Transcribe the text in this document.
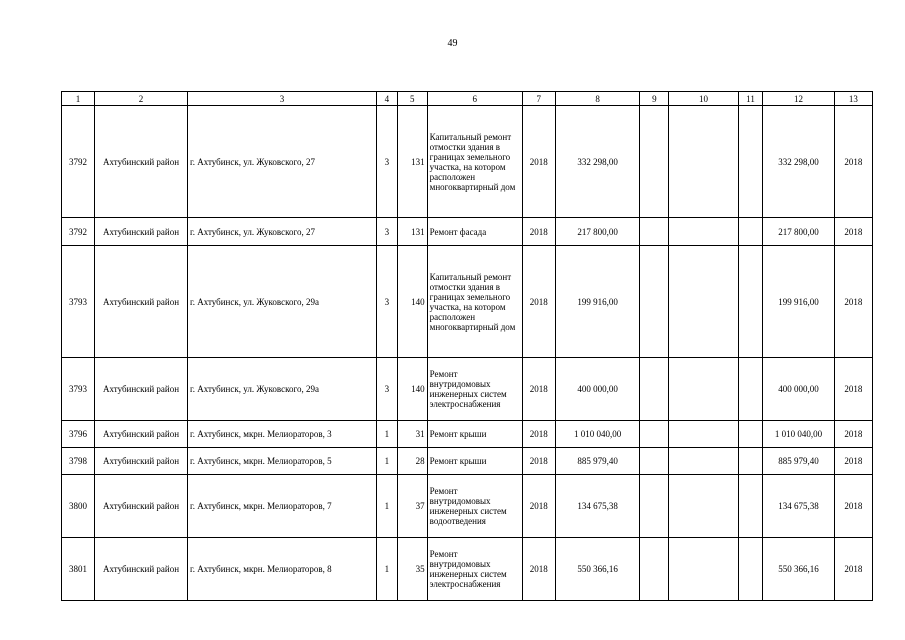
49
1	2	3	4	5	6	7	8	9	10	11	12	13
3792	Ахтубинский район	г. Ахтубинск, ул. Жуковского, 27	3	131	Капитальный ремонт отмостки здания в границах земельного участка, на котором расположен многоквартирный дом	2018	332 298,00				332 298,00	2018
3792	Ахтубинский район	г. Ахтубинск, ул. Жуковского, 27	3	131	Ремонт фасада	2018	217 800,00				217 800,00	2018
3793	Ахтубинский район	г. Ахтубинск, ул. Жуковского, 29а	3	140	Капитальный ремонт отмостки здания в границах земельного участка, на котором расположен многоквартирный дом	2018	199 916,00				199 916,00	2018
3793	Ахтубинский район	г. Ахтубинск, ул. Жуковского, 29а	3	140	Ремонт внутридомовых инженерных систем электроснабжения	2018	400 000,00				400 000,00	2018
3796	Ахтубинский район	г. Ахтубинск, мкрн. Мелиораторов, 3	1	31	Ремонт крыши	2018	1 010 040,00				1 010 040,00	2018
3798	Ахтубинский район	г. Ахтубинск, мкрн. Мелиораторов, 5	1	28	Ремонт крыши	2018	885 979,40				885 979,40	2018
3800	Ахтубинский район	г. Ахтубинск, мкрн. Мелиораторов, 7	1	37	Ремонт внутридомовых инженерных систем водоотведения	2018	134 675,38				134 675,38	2018
3801	Ахтубинский район	г. Ахтубинск, мкрн. Мелиораторов, 8	1	35	Ремонт внутридомовых инженерных систем электроснабжения	2018	550 366,16				550 366,16	2018
